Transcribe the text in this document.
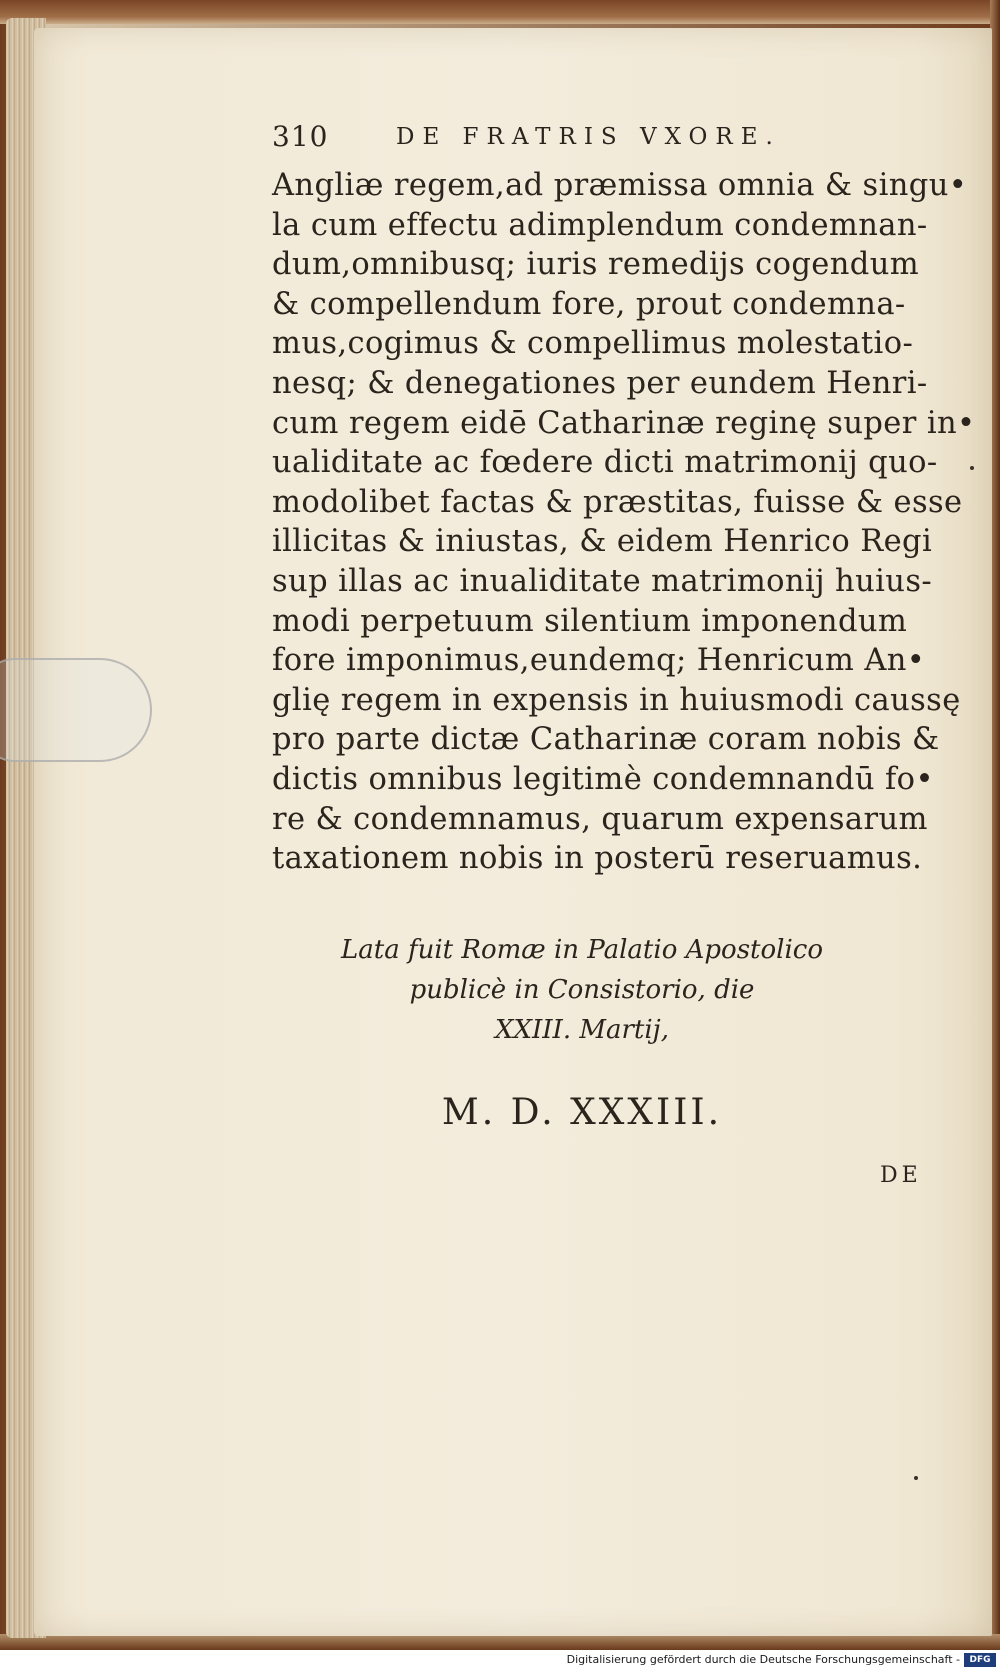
310	DE FRATRIS VXORE.
Angliæ regem,ad præmissa omnia & singu•
la cum effectu adimplendum condemnan-
dum,omnibusq; iuris remedijs cogendum
& compellendum fore, prout condemna-
mus,cogimus & compellimus molestatio-
nesq; & denegationes per eundem Henri-
cum regem eidē Catharinæ reginę super in•
ualiditate ac fœdere dicti matrimonij quo-
modolibet factas & præstitas, fuisse & esse
illicitas & iniustas, & eidem Henrico Regi
sup illas ac inualiditate matrimonij huius-
modi perpetuum silentium imponendum
fore imponimus,eundemq; Henricum An•
glię regem in expensis in huiusmodi caussę
pro parte dictæ Catharinæ coram nobis &
dictis omnibus legitimè condemnandū fo•
re & condemnamus, quarum expensarum
taxationem nobis in posterū reseruamus.
Lata fuit Romæ in Palatio Apostolico
publicè in Consistorio, die
XXIII. Martij,
M. D. XXXIII.
DE
Digitalisierung gefördert durch die Deutsche Forschungsgemeinschaft -	DFG
